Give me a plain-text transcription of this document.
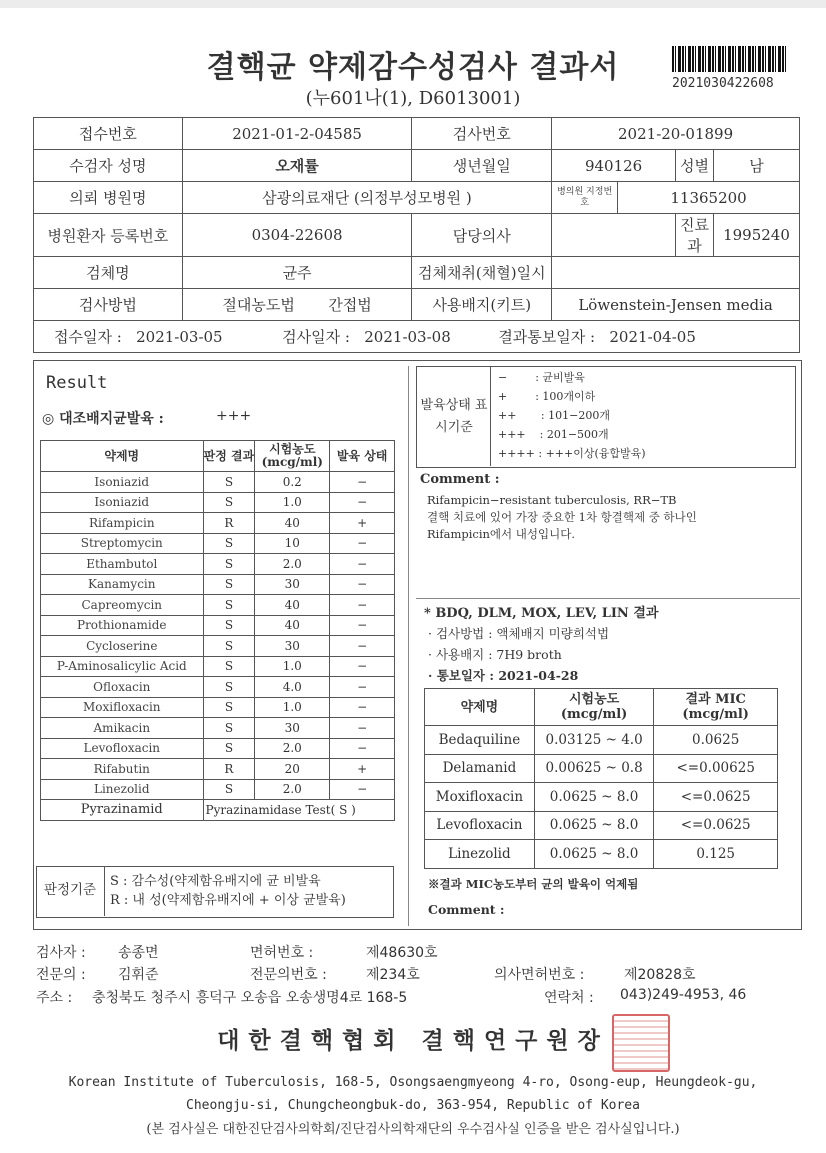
결핵균 약제감수성검사 결과서
(누601나(1), D6013001)
2021030422608
접수번호	2021-01-2-04585	검사번호	2021-20-01899			
수검자 성명	오재률	생년월일	940126		성별	남
의뢰 병원명	삼광의료재단 (의정부성모병원 )		병의원 지정번호	11365200		
병원환자 등록번호	0304-22608	담당의사			진료과	1995240
검체명	균주	검체채취(채혈)일시				
검사방법	절대농도법 간접법	사용배지(키트)	Löwenstein-Jensen media			
접수일자 : 2021-03-05 검사일자 : 2021-03-08 결과통보일자 : 2021-04-05						
Result
◎ 대조배지균발육 :	+++
약제명	판정 결과	시험농도 (mcg/ml)	발육 상태
Isoniazid	S	0.2	−
Isoniazid	S	1.0	−
Rifampicin	R	40	+
Streptomycin	S	10	−
Ethambutol	S	2.0	−
Kanamycin	S	30	−
Capreomycin	S	40	−
Prothionamide	S	40	−
Cycloserine	S	30	−
P-Aminosalicylic Acid	S	1.0	−
Ofloxacin	S	4.0	−
Moxifloxacin	S	1.0	−
Amikacin	S	30	−
Levofloxacin	S	2.0	−
Rifabutin	R	20	+
Linezolid	S	2.0	−
Pyrazinamid	Pyrazinamidase Test( S )		
발육상태 표시기준
−        : 균비발육
+        : 100개이하
++       : 101−200개
+++    : 201−500개
++++ : +++이상(융합발육)
Comment :
Rifampicin−resistant tuberculosis, RR−TB
결핵 치료에 있어 가장 중요한 1차 항결핵제 중 하나인
Rifampicin에서 내성입니다.
* BDQ, DLM, MOX, LEV, LIN 결과
· 검사방법 : 액체배지 미량희석법
· 사용배지 : 7H9 broth
· 통보일자 : 2021-04-28
약제명	시험농도 (mcg/ml)	결과 MIC (mcg/ml)
Bedaquiline	0.03125 ~ 4.0	0.0625
Delamanid	0.00625 ~ 0.8	<=0.00625
Moxifloxacin	0.0625 ~ 8.0	<=0.0625
Levofloxacin	0.0625 ~ 8.0	<=0.0625
Linezolid	0.0625 ~ 8.0	0.125
※결과 MIC농도부터 균의 발육이 억제됨
Comment :
판정기준
S : 감수성(약제함유배지에 균 비발육
R : 내 성(약제함유배지에 + 이상 균발육)
검사자 : 송종면	면허번호 :	제48630호
전문의 : 김휘준	전문의번호 :	제234호	의사면허번호 :	제20828호
주소 : 충청북도 청주시 흥덕구 오송읍 오송생명4로 168-5	연락처 : 043)249-4953, 46
대한결핵협회 결핵연구원장
Korean Institute of Tuberculosis, 168-5, Osongsaengmyeong 4-ro, Osong-eup, Heungdeok-gu,
Cheongju-si, Chungcheongbuk-do, 363-954, Republic of Korea
(본 검사실은 대한진단검사의학회/진단검사의학재단의 우수검사실 인증을 받은 검사실입니다.)
